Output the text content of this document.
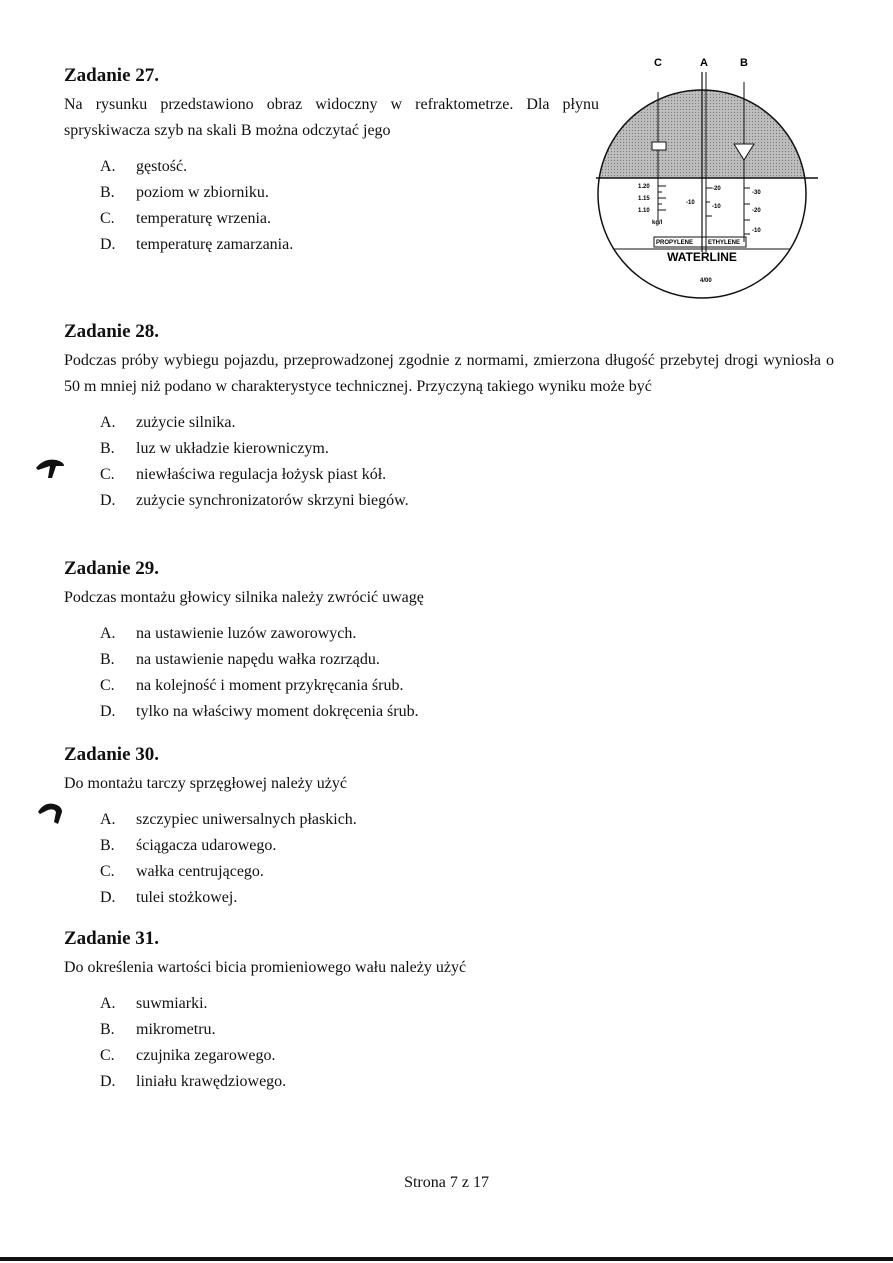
Zadanie 27.

Na rysunku przedstawiono obraz widoczny w refraktometrze. Dla płynu spryskiwacza szyb na skali B można odczytać jego

A. gęstość.
B. poziom w zbiorniku.
C. temperaturę wrzenia.
D. temperaturę zamarzania.
C	A	B
1.20
1.15
1.10
kg/l
-10
-20
-10
-30
-20
-10
PROPYLENE ETHYLENE
4/00
WATERLINE
Zadanie 28.

Podczas próby wybiegu pojazdu, przeprowadzonej zgodnie z normami, zmierzona długość przebytej drogi wyniosła o 50 m mniej niż podano w charakterystyce technicznej. Przyczyną takiego wyniku może być

A. zużycie silnika.
B. luz w układzie kierowniczym.
C. niewłaściwa regulacja łożysk piast kół.
D. zużycie synchronizatorów skrzyni biegów.
Zadanie 29.

Podczas montażu głowicy silnika należy zwrócić uwagę

A. na ustawienie luzów zaworowych.
B. na ustawienie napędu wałka rozrządu.
C. na kolejność i moment przykręcania śrub.
D. tylko na właściwy moment dokręcenia śrub.
Zadanie 30.

Do montażu tarczy sprzęgłowej należy użyć

A. szczypiec uniwersalnych płaskich.
B. ściągacza udarowego.
C. wałka centrującego.
D. tulei stożkowej.
Zadanie 31.

Do określenia wartości bicia promieniowego wału należy użyć

A. suwmiarki.
B. mikrometru.
C. czujnika zegarowego.
D. liniału krawędziowego.
Strona 7 z 17
